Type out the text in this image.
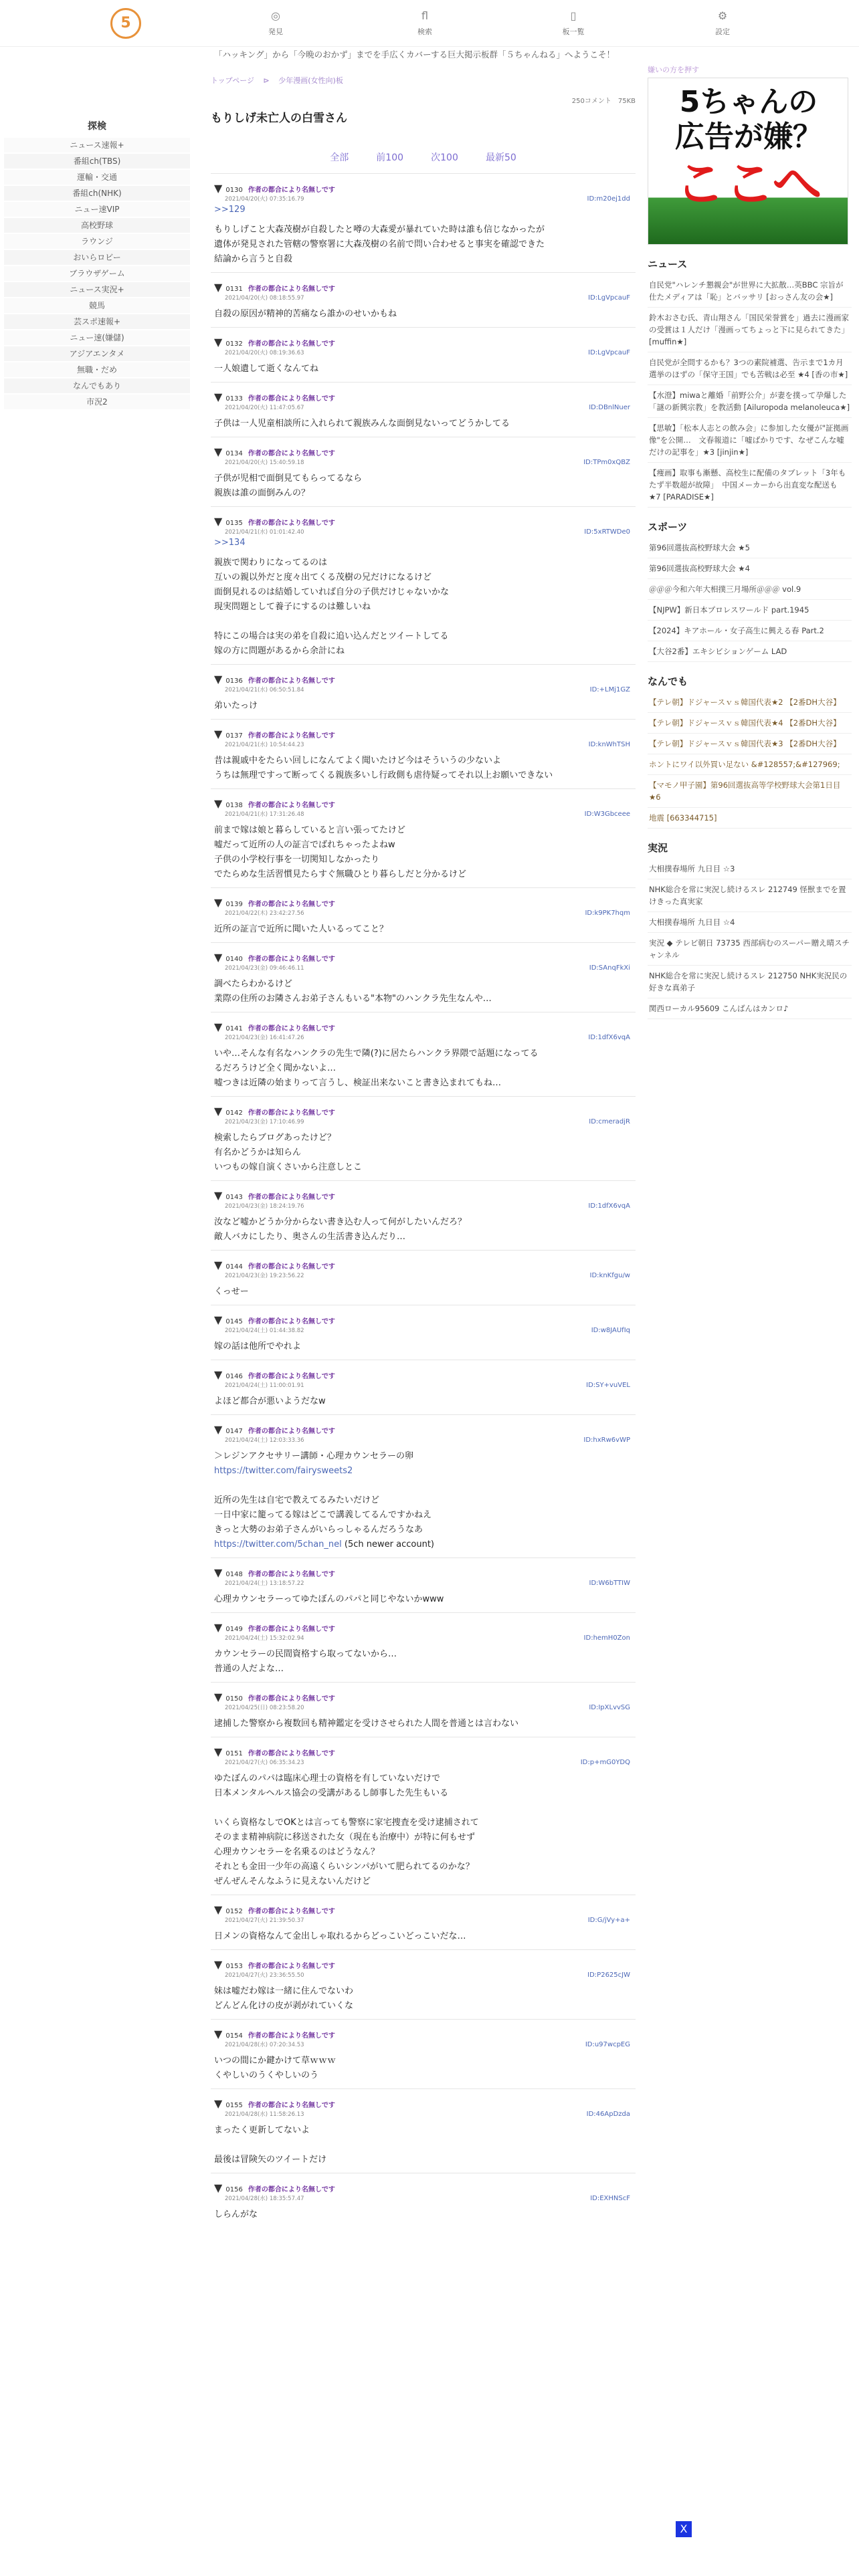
5	◎
発見
fl
検索
▯
板一覧
⚙
設定
「ハッキング」から「今晩のおかず」までを手広くカバーする巨大掲示板群「５ちゃんねる」へようこそ！
探検
ニュース速報+
番組ch(TBS)
運輸・交通
番組ch(NHK)
ニュー速VIP
高校野球
ラウンジ
おいらロビー
ブラウザゲーム
ニュース実況+
競馬
芸スポ速報+
ニュー速(嫌儲)
アジアエンタメ
無職・だめ
なんでもあり
市況2
トップページ ⊳ 少年漫画(女性向)板
250コメント　75KB
もりしげ未亡人の白雪さん
全部	前100	次100	最新50
▼ 0130 作者の都合により名無しです
2021/04/20(火) 07:35:16.79	ID:m20ej1dd
>>129
もりしげこと大森茂樹が自殺したと噂の大森愛が暴れていた時は誰も信じなかったが
遺体が発見された管轄の警察署に大森茂樹の名前で問い合わせると事実を確認できた
結論から言うと自殺
▼ 0131 作者の都合により名無しです
2021/04/20(火) 08:18:55.97	ID:LgVpcauF
自殺の原因が精神的苦痛なら誰かのせいかもね
▼ 0132 作者の都合により名無しです
2021/04/20(火) 08:19:36.63	ID:LgVpcauF
一人娘遺して逝くなんてね
▼ 0133 作者の都合により名無しです
2021/04/20(火) 11:47:05.67	ID:DBnlNuer
子供は一人児童相談所に入れられて親族みんな面倒見ないってどうかしてる
▼ 0134 作者の都合により名無しです
2021/04/20(火) 15:40:59.18	ID:TPm0xQBZ
子供が児相で面倒見てもらってるなら
親族は誰の面倒みんの？
▼ 0135 作者の都合により名無しです
2021/04/21(水) 01:01:42.40	ID:5xRTWDe0
>>134
親族で関わりになってるのは
互いの親以外だと度々出てくる茂樹の兄だけになるけど
面倒見れるのは結婚していれば自分の子供だけじゃないかな
現実問題として養子にするのは難しいね

特にこの場合は実の弟を自殺に追い込んだとツイートしてる
嫁の方に問題があるから余計にね
▼ 0136 作者の都合により名無しです
2021/04/21(水) 06:50:51.84	ID:+LMj1GZ
弟いたっけ
▼ 0137 作者の都合により名無しです
2021/04/21(水) 10:54:44.23	ID:knWhTSH
昔は親戚中をたらい回しになんてよく聞いたけど今はそういうの少ないよ
うちは無理ですって断ってくる親族多いし行政側も虐待疑ってそれ以上お願いできない
▼ 0138 作者の都合により名無しです
2021/04/21(水) 17:31:26.48	ID:W3Gbceee
前まで嫁は娘と暮らしていると言い張ってたけど
嘘だって近所の人の証言でばれちゃったよねw
子供の小学校行事を一切関知しなかったり
でたらめな生活習慣見たらすぐ無職ひとり暮らしだと分かるけど
▼ 0139 作者の都合により名無しです
2021/04/22(木) 23:42:27.56	ID:k9PK7hqm
近所の証言で近所に聞いた人いるってこと？
▼ 0140 作者の都合により名無しです
2021/04/23(金) 09:46:46.11	ID:SAnqFkXi
調べたらわかるけど
業際の住所のお隣さんお弟子さんもいる"本物"のハンクラ先生なんや…
▼ 0141 作者の都合により名無しです
2021/04/23(金) 16:41:47.26	ID:1dfX6vqA
いや…そんな有名なハンクラの先生で隣(?)に居たらハンクラ界隈で話題になってる
るだろうけど全く聞かないよ…
嘘つきは近隣の始まりって言うし、検証出来ないこと書き込まれてもね…
▼ 0142 作者の都合により名無しです
2021/04/23(金) 17:10:46.99	ID:cmeradjR
検索したらブログあったけど？
有名かどうかは知らん
いつもの嫁自演くさいから注意しとこ
▼ 0143 作者の都合により名無しです
2021/04/23(金) 18:24:19.76	ID:1dfX6vqA
汝など嘘かどうか分からない書き込む人って何がしたいんだろ？
敵人バカにしたり、奥さんの生活書き込んだり…
▼ 0144 作者の都合により名無しです
2021/04/23(金) 19:23:56.22	ID:knKfgu/w
くっせー
▼ 0145 作者の都合により名無しです
2021/04/24(土) 01:44:38.82	ID:w8JAUfIq
嫁の話は他所でやれよ
▼ 0146 作者の都合により名無しです
2021/04/24(土) 11:00:01.91	ID:SY+vuVEL
よほど都合が悪いようだなw
▼ 0147 作者の都合により名無しです
2021/04/24(土) 12:03:33.36	ID:hxRw6vWP
＞レジンアクセサリー講師・心理カウンセラーの卵
https://twitter.com/fairysweets2

近所の先生は自宅で教えてるみたいだけど
一日中家に籠ってる嫁はどこで講義してるんですかねえ
きっと大勢のお弟子さんがいらっしゃるんだろうなあ
https://twitter.com/5chan_nel (5ch newer account)
▼ 0148 作者の都合により名無しです
2021/04/24(土) 13:18:57.22	ID:W6bTTIW
心理カウンセラーってゆたぼんのパパと同じやないかwww
▼ 0149 作者の都合により名無しです
2021/04/24(土) 15:32:02.94	ID:hemH0Zon
カウンセラーの民間資格すら取ってないから…
普通の人だよな…
▼ 0150 作者の都合により名無しです
2021/04/25(日) 08:23:58.20	ID:IpXLvvSG
逮捕した警察から複数回も精神鑑定を受けさせられた人間を普通とは言わない
▼ 0151 作者の都合により名無しです
2021/04/27(火) 06:35:34.23	ID:p+mG0YDQ
ゆたぼんのパパは臨床心理士の資格を有していないだけで
日本メンタルヘルス協会の受講があるし師事した先生もいる

いくら資格なしでOKとは言っても警察に家宅捜査を受け逮捕されて
そのまま精神病院に移送された女（現在も治療中）が特に何もせず
心理カウンセラーを名乗るのはどうなん？
それとも金田一少年の高遠くらいシンパがいて肥られてるのかな？
ぜんぜんそんなふうに見えないんだけど
▼ 0152 作者の都合により名無しです
2021/04/27(火) 21:39:50.37	ID:G/jVy+a+
日メンの資格なんて金出しゃ取れるからどっこいどっこいだな…
▼ 0153 作者の都合により名無しです
2021/04/27(火) 23:36:55.50	ID:P2625cJW
妹は嘘だわ嫁は一緒に住んでないわ
どんどん化けの皮が剥がれていくな
▼ 0154 作者の都合により名無しです
2021/04/28(水) 07:20:34.53	ID:u97wcpEG
いつの間にか鍵かけて草ｗｗｗ
くやしいのうくやしいのう
▼ 0155 作者の都合により名無しです
2021/04/28(水) 11:58:26.13	ID:46ApDzda
まったく更新してないよ

最後は冒険矢のツイートだけ
▼ 0156 作者の都合により名無しです
2021/04/28(水) 18:35:57.47	ID:EXHNScF
しらんがな
嫌いの方を押す
5ちゃんの
広告が嫌？
ここへ
ニュース
自民党"ハレンチ懇親会"が世界に大拡散…英BBC 宗旨が仕たメディアは「恥」とバッサリ [おっさん友の会★]
鈴木おさむ氏、青山翔さん「国民栄誉賞を」過去に漫画家の受賞は１人だけ「漫画ってちょっと下に見られてきた」 [muffin★]
自民党が全問するかも？3つの素院補選、告示まで1カ月　選挙のほずの「保守王国」でも苦戦は必至 ★4 [香の市★]
【水澄】miwaと離婚「前野公介」が妻を撲って孕爆した「謎の新興宗教」を教活動 [Ailuropoda melanoleuca★]
【思敏】「松本人志との飲み会」に参加した女優が"証拠画像"を公開…　文春報道に「嘘ばかりです、なぜこんな嘘だけの記事を」★3 [jinjin★]
【痩画】取事も漸懸、高校生に配備のタブレット「3年もたず半数超が故障」　中国メーカーから出直変な配送も ★7 [PARADISE★]
スポーツ
第96回選抜高校野球大会 ★5
第96回選抜高校野球大会 ★4
＠＠＠今和六年大相撲三月場所＠＠＠ vol.9
【NJPW】新日本プロレスワールド part.1945
【2024】キアホール・女子高生に興える春 Part.2
【大谷2番】エキシビションゲーム LAD
なんでも
【テレ朝】ドジャースｖｓ韓国代表★2 【2番DH大谷】
【テレ朝】ドジャースｖｓ韓国代表★4 【2番DH大谷】
【テレ朝】ドジャースｖｓ韓国代表★3 【2番DH大谷】
ホントにワイ以外買い足ない &#128557;&#127969;
【マモノ甲子園】第96回選抜高等学校野球大会第1日目 ★6
地震 [663344715]
実況
大相撲春場所 九日目 ☆3
NHK総合を常に実況し続けるスレ 212749 怪獣までを置けきった真実家
大相撲春場所 九日目 ☆4
実況 ◆ テレビ朝日 73735 西部病むのスーパー贈え晴スチャンネル
NHK総合を常に実況し続けるスレ 212750 NHK実況民の好きな真弟子
関西ローカル95609 こんばんはカンロ♪
X
